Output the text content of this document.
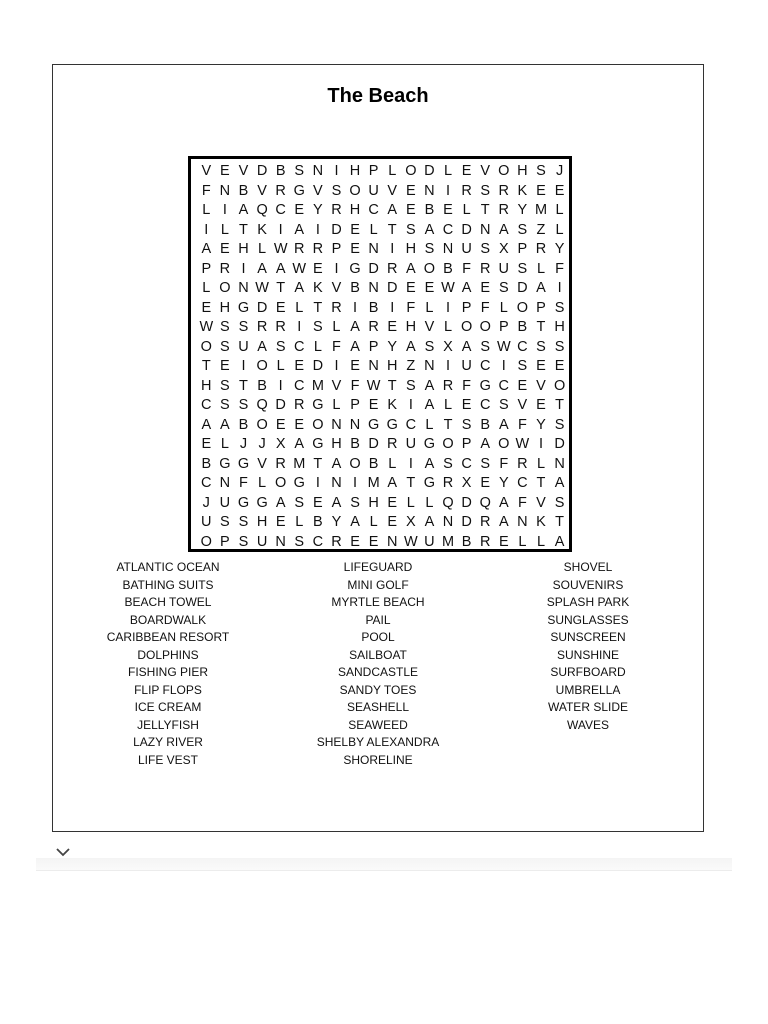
The Beach
V E V D B S N I H P L O D L E V O H S J
F N B V R G V S O U V E N I R S R K E E
L I A Q C E Y R H C A E B E L T R Y M L
I L T K I A I D E L T S A C D N A S Z L
A E H L W R R P E N I H S N U S X P R Y
P R I A A W E I G D R A O B F R U S L F
L O N W T A K V B N D E E W A E S D A I
E H G D E L T R I B I F L I P F L O P S
W S S R R I S L A R E H V L O O P B T H
O S U A S C L F A P Y A S X A S W C S S
T E I O L E D I E N H Z N I U C I S E E
H S T B I C M V F W T S A R F G C E V O
C S S Q D R G L P E K I A L E C S V E T
A A B O E E O N N G G C L T S B A F Y S
E L J J X A G H B D R U G O P A O W I D
B G G V R M T A O B L I A S C S F R L N
C N F L O G I N I M A T G R X E Y C T A
J U G G A S E A S H E L L Q D Q A F V S
U S S H E L B Y A L E X A N D R A N K T
O P S U N S C R E E N W U M B R E L L A
ATLANTIC OCEAN
BATHING SUITS
BEACH TOWEL
BOARDWALK
CARIBBEAN RESORT
DOLPHINS
FISHING PIER
FLIP FLOPS
ICE CREAM
JELLYFISH
LAZY RIVER
LIFE VEST
LIFEGUARD
MINI GOLF
MYRTLE BEACH
PAIL
POOL
SAILBOAT
SANDCASTLE
SANDY TOES
SEASHELL
SEAWEED
SHELBY ALEXANDRA
SHORELINE
SHOVEL
SOUVENIRS
SPLASH PARK
SUNGLASSES
SUNSCREEN
SUNSHINE
SURFBOARD
UMBRELLA
WATER SLIDE
WAVES
